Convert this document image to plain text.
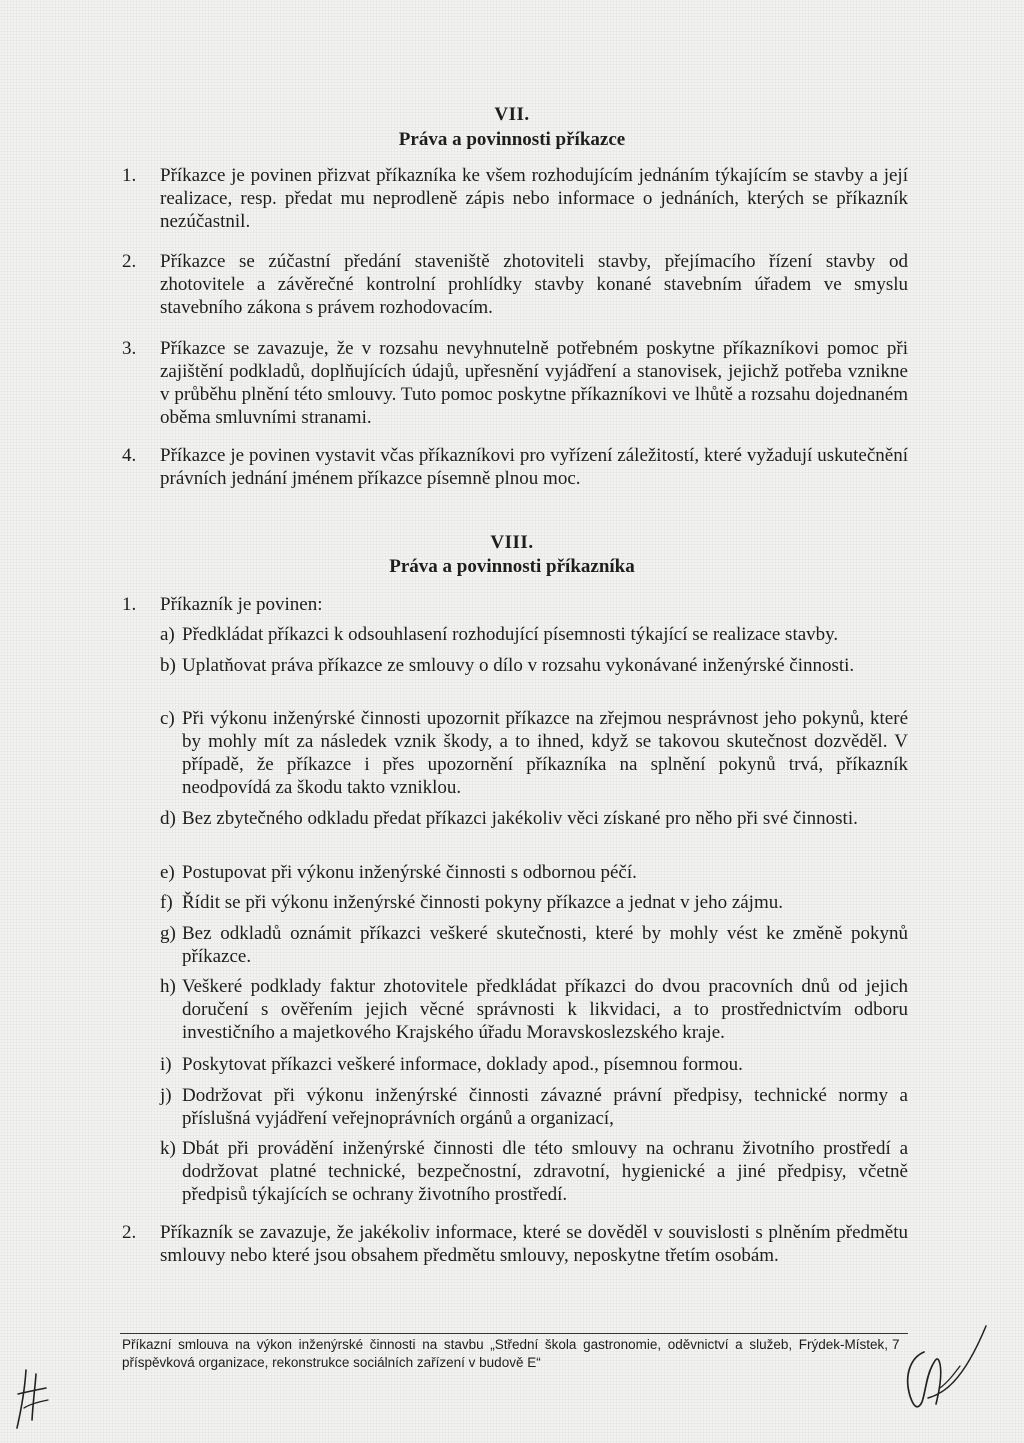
VII.
Práva a povinnosti příkazce
1. Příkazce je povinen přizvat příkazníka ke všem rozhodujícím jednáním týkajícím se stavby a její realizace, resp. předat mu neprodleně zápis nebo informace o jednáních, kterých se příkazník nezúčastnil.
2. Příkazce se zúčastní předání staveniště zhotoviteli stavby, přejímacího řízení stavby od zhotovitele a závěrečné kontrolní prohlídky stavby konané stavebním úřadem ve smyslu stavebního zákona s právem rozhodovacím.
3. Příkazce se zavazuje, že v rozsahu nevyhnutelně potřebném poskytne příkazníkovi pomoc při zajištění podkladů, doplňujících údajů, upřesnění vyjádření a stanovisek, jejichž potřeba vznikne v průběhu plnění této smlouvy. Tuto pomoc poskytne příkazníkovi ve lhůtě a rozsahu dojednaném oběma smluvními stranami.
4. Příkazce je povinen vystavit včas příkazníkovi pro vyřízení záležitostí, které vyžadují uskutečnění právních jednání jménem příkazce písemně plnou moc.
VIII.
Práva a povinnosti příkazníka
1. Příkazník je povinen:
a) Předkládat příkazci k odsouhlasení rozhodující písemnosti týkající se realizace stavby.
b) Uplatňovat práva příkazce ze smlouvy o dílo v rozsahu vykonávané inženýrské činnosti.
c) Při výkonu inženýrské činnosti upozornit příkazce na zřejmou nesprávnost jeho pokynů, které by mohly mít za následek vznik škody, a to ihned, když se takovou skutečnost dozvěděl. V případě, že příkazce i přes upozornění příkazníka na splnění pokynů trvá, příkazník neodpovídá za škodu takto vzniklou.
d) Bez zbytečného odkladu předat příkazci jakékoliv věci získané pro něho při své činnosti.
e) Postupovat při výkonu inženýrské činnosti s odbornou péčí.
f) Řídit se při výkonu inženýrské činnosti pokyny příkazce a jednat v jeho zájmu.
g) Bez odkladů oznámit příkazci veškeré skutečnosti, které by mohly vést ke změně pokynů příkazce.
h) Veškeré podklady faktur zhotovitele předkládat příkazci do dvou pracovních dnů od jejich doručení s ověřením jejich věcné správnosti k likvidaci, a to prostřednictvím odboru investičního a majetkového Krajského úřadu Moravskoslezského kraje.
i) Poskytovat příkazci veškeré informace, doklady apod., písemnou formou.
j) Dodržovat při výkonu inženýrské činnosti závazné právní předpisy, technické normy a příslušná vyjádření veřejnoprávních orgánů a organizací,
k) Dbát při provádění inženýrské činnosti dle této smlouvy na ochranu životního prostředí a dodržovat platné technické, bezpečnostní, zdravotní, hygienické a jiné předpisy, včetně předpisů týkajících se ochrany životního prostředí.
2. Příkazník se zavazuje, že jakékoliv informace, které se dověděl v souvislosti s plněním předmětu smlouvy nebo které jsou obsahem předmětu smlouvy, neposkytne třetím osobám.
Příkazní smlouva na výkon inženýrské činnosti na stavbu „Střední škola gastronomie, oděvnictví a služeb, Frýdek-Místek, příspěvková organizace, rekonstrukce sociálních zařízení v budově E“
7
